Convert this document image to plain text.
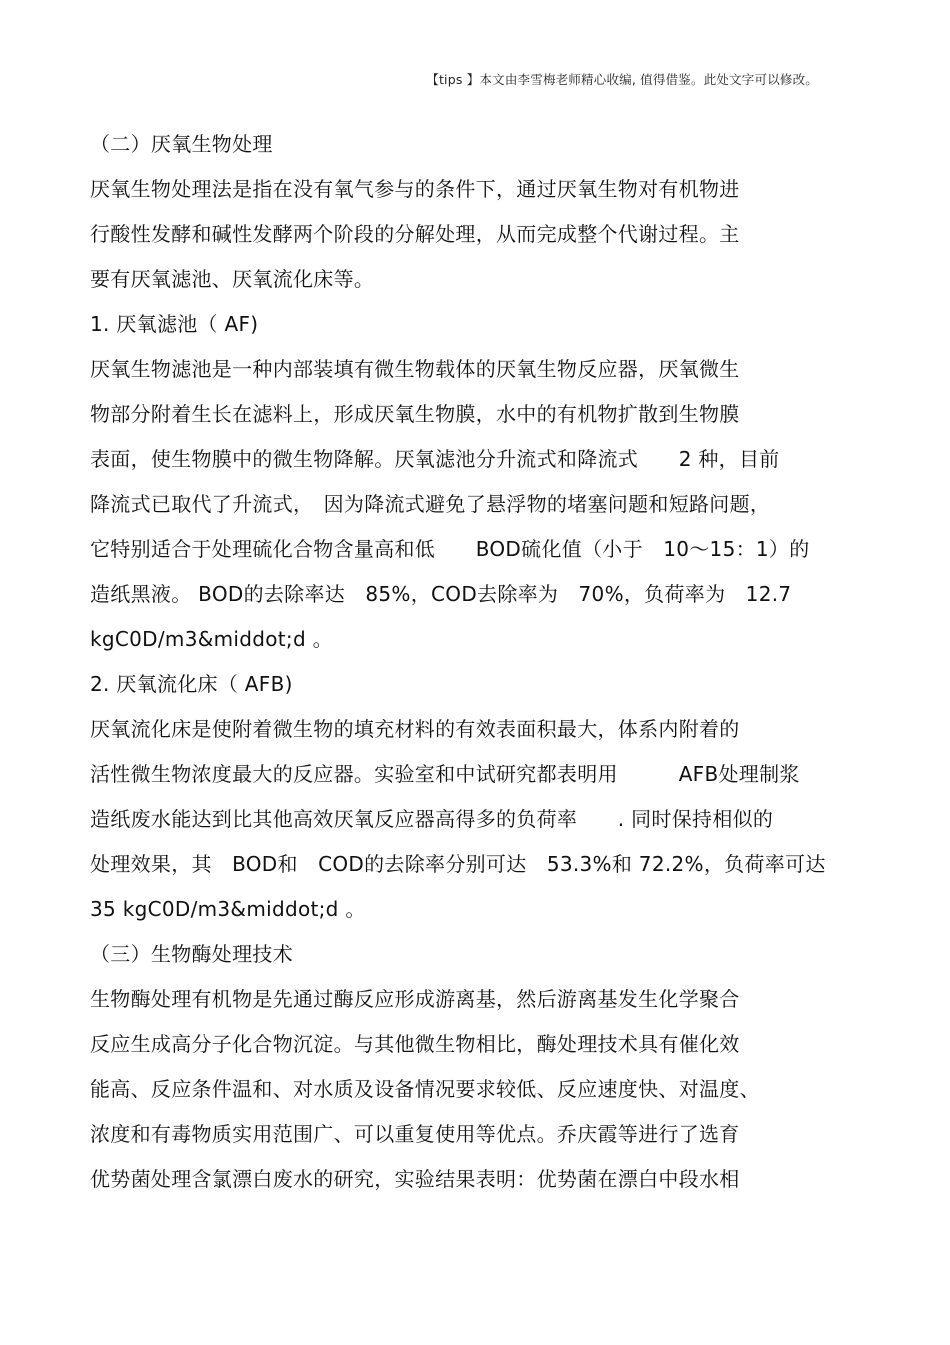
【tips 】本文由李雪梅老师精心收编, 值得借鉴。此处文字可以修改。
（二）厌氧生物处理
厌氧生物处理法是指在没有氧气参与的条件下，通过厌氧生物对有机物进
行酸性发酵和碱性发酵两个阶段的分解处理，从而完成整个代谢过程。主
要有厌氧滤池、厌氧流化床等。
1. 厌氧滤池（ AF)
厌氧生物滤池是一种内部装填有微生物载体的厌氧生物反应器，厌氧微生
物部分附着生长在滤料上，形成厌氧生物膜，水中的有机物扩散到生物膜
表面，使生物膜中的微生物降解。厌氧滤池分升流式和降流式　　2 种，目前
降流式已取代了升流式，　因为降流式避免了悬浮物的堵塞问题和短路问题，
它特别适合于处理硫化合物含量高和低　　BOD硫化值（小于　10～15：1）的
造纸黑液。 BOD的去除率达　85%，COD去除率为　70%，负荷率为　12.7
kgC0D/m3&middot;d 。
2. 厌氧流化床（ AFB)
厌氧流化床是使附着微生物的填充材料的有效表面积最大，体系内附着的
活性微生物浓度最大的反应器。实验室和中试研究都表明用　　　AFB处理制浆
造纸废水能达到比其他高效厌氧反应器高得多的负荷率　　. 同时保持相似的
处理效果，其　BOD和　COD的去除率分别可达　53.3%和 72.2%，负荷率可达
35 kgC0D/m3&middot;d 。
（三）生物酶处理技术
生物酶处理有机物是先通过酶反应形成游离基，然后游离基发生化学聚合
反应生成高分子化合物沉淀。与其他微生物相比，酶处理技术具有催化效
能高、反应条件温和、对水质及设备情况要求较低、反应速度快、对温度、
浓度和有毒物质实用范围广、可以重复使用等优点。乔庆霞等进行了选育
优势菌处理含氯漂白废水的研究，实验结果表明：优势菌在漂白中段水相
